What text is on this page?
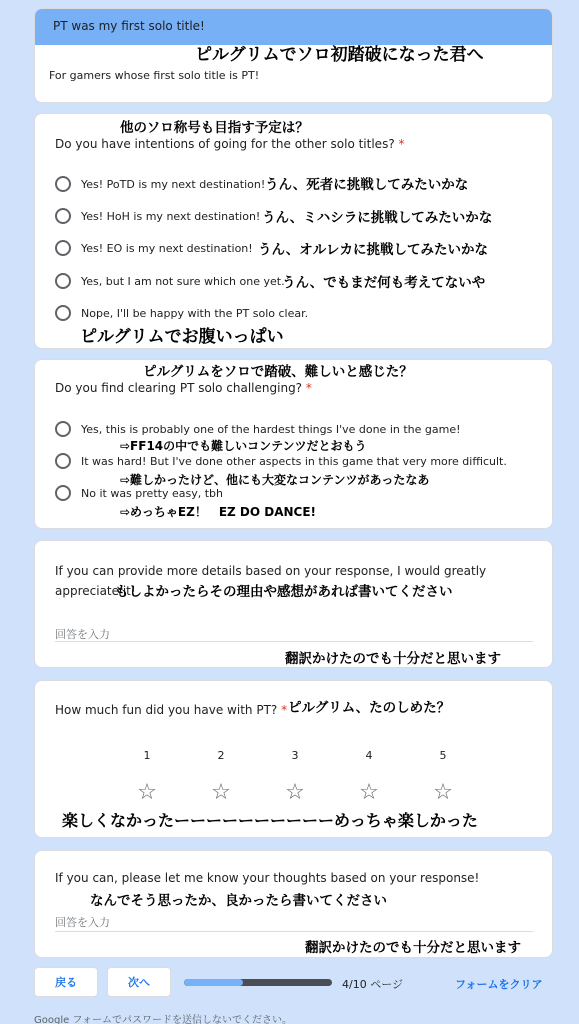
PT was my first solo title!
For gamers whose first solo title is PT!
ピルグリムでソロ初踏破になった君へ
Do you have intentions of going for the other solo titles? *
Yes! PoTD is my next destination!
Yes! HoH is my next destination!
Yes! EO is my next destination!
Yes, but I am not sure which one yet.
Nope, I'll be happy with the PT solo clear.
他のソロ称号も目指す予定は？
うん、死者に挑戦してみたいかな
うん、ミハシラに挑戦してみたいかな
うん、オルレカに挑戦してみたいかな
うん、でもまだ何も考えてないや
ピルグリムでお腹いっぱい
Do you find clearing PT solo challenging? *
Yes, this is probably one of the hardest things I've done in the game!
It was hard! But I've done other aspects in this game that very more difficult.
No it was pretty easy, tbh
ピルグリムをソロで踏破、難しいと感じた？
⇨FF14の中でも難しいコンテンツだとおもう
⇨難しかったけど、他にも大変なコンテンツがあったなあ
⇨めっちゃEZ！　EZ DO DANCE!
If you can provide more details based on your response, I would greatly appreciate it!
回答を入力
もしよかったらその理由や感想があれば書いてください
翻訳かけたのでも十分だと思います
How much fun did you have with PT? *
1	2	3	4	5
☆ ☆ ☆ ☆ ☆
ピルグリム、たのしめた？
楽しくなかったーーーーーーーーーーめっちゃ楽しかった
If you can, please let me know your thoughts based on your response!
回答を入力
なんでそう思ったか、良かったら書いてください
翻訳かけたのでも十分だと思います
戻る	次へ	4/10 ページ	フォームをクリア
Google フォームでパスワードを送信しないでください。
